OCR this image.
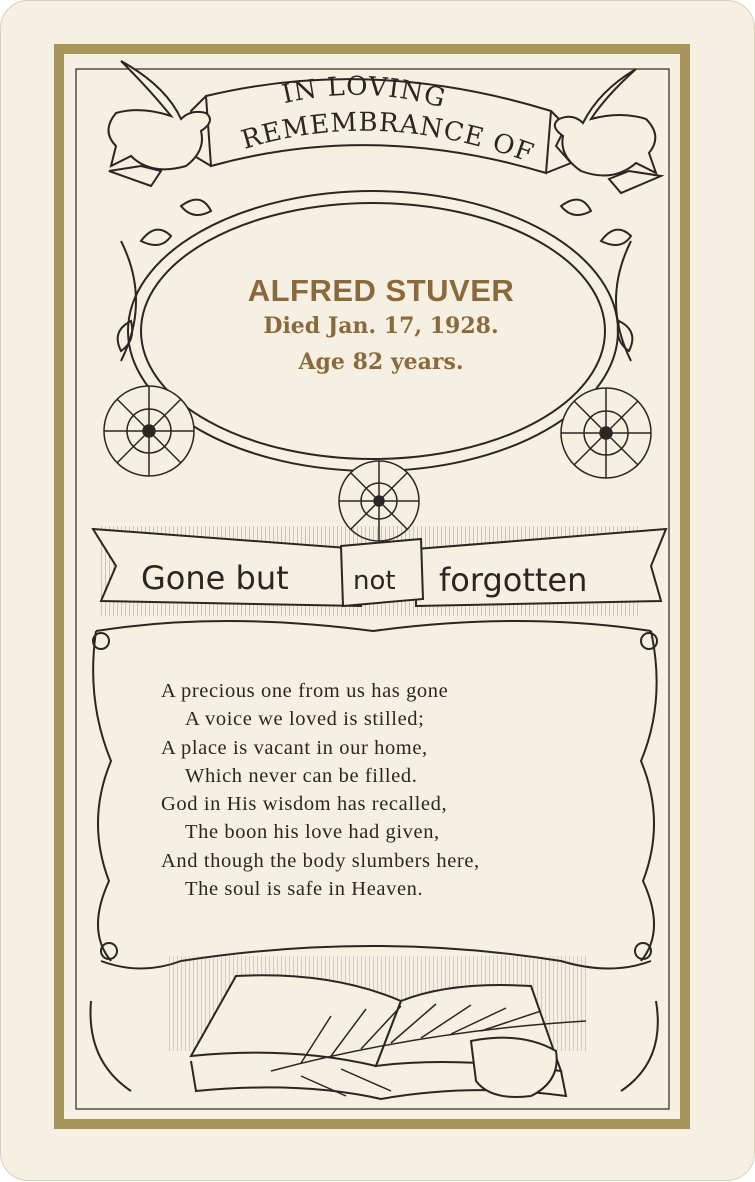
IN LOVING
REMEMBRANCE OF
Gone but not forgotten

ALFRED STUVER

Died Jan. 17, 1928.

Age 82 years.

A precious one from us has gone
A voice we loved is stilled;
A place is vacant in our home,
Which never can be filled.
God in His wisdom has recalled,
The boon his love had given,
And though the body slumbers here,
The soul is safe in Heaven.
